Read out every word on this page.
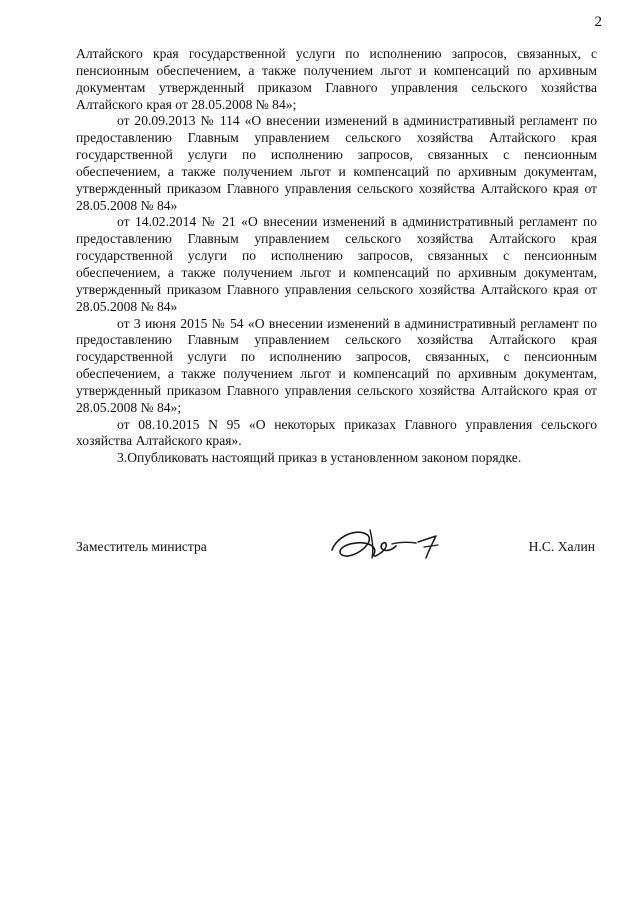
2

Алтайского края государственной услуги по исполнению запросов, связанных, с пенсионным обеспечением, а также получением льгот и компенсаций по архивным документам утвержденный приказом Главного управления сельского хозяйства Алтайского края от 28.05.2008 № 84»;

от 20.09.2013 № 114 «О внесении изменений в административный регламент по предоставлению Главным управлением сельского хозяйства Алтайского края государственной услуги по исполнению запросов, связанных с пенсионным обеспечением, а также получением льгот и компенсаций по архивным документам, утвержденный приказом Главного управления сельского хозяйства Алтайского края от 28.05.2008 № 84»

от 14.02.2014 № 21 «О внесении изменений в административный регламент по предоставлению Главным управлением сельского хозяйства Алтайского края государственной услуги по исполнению запросов, связанных с пенсионным обеспечением, а также получением льгот и компенсаций по архивным документам, утвержденный приказом Главного управления сельского хозяйства Алтайского края от 28.05.2008 № 84»

от 3 июня 2015 № 54 «О внесении изменений в административный регламент по предоставлению Главным управлением сельского хозяйства Алтайского края государственной услуги по исполнению запросов, связанных, с пенсионным обеспечением, а также получением льгот и компенсаций по архивным документам, утвержденный приказом Главного управления сельского хозяйства Алтайского края от 28.05.2008 № 84»;

от 08.10.2015 N 95 «О некоторых приказах Главного управления сельского хозяйства Алтайского края».

3.Опубликовать настоящий приказ в установленном законом порядке.

Заместитель министра	Н.С. Халин
